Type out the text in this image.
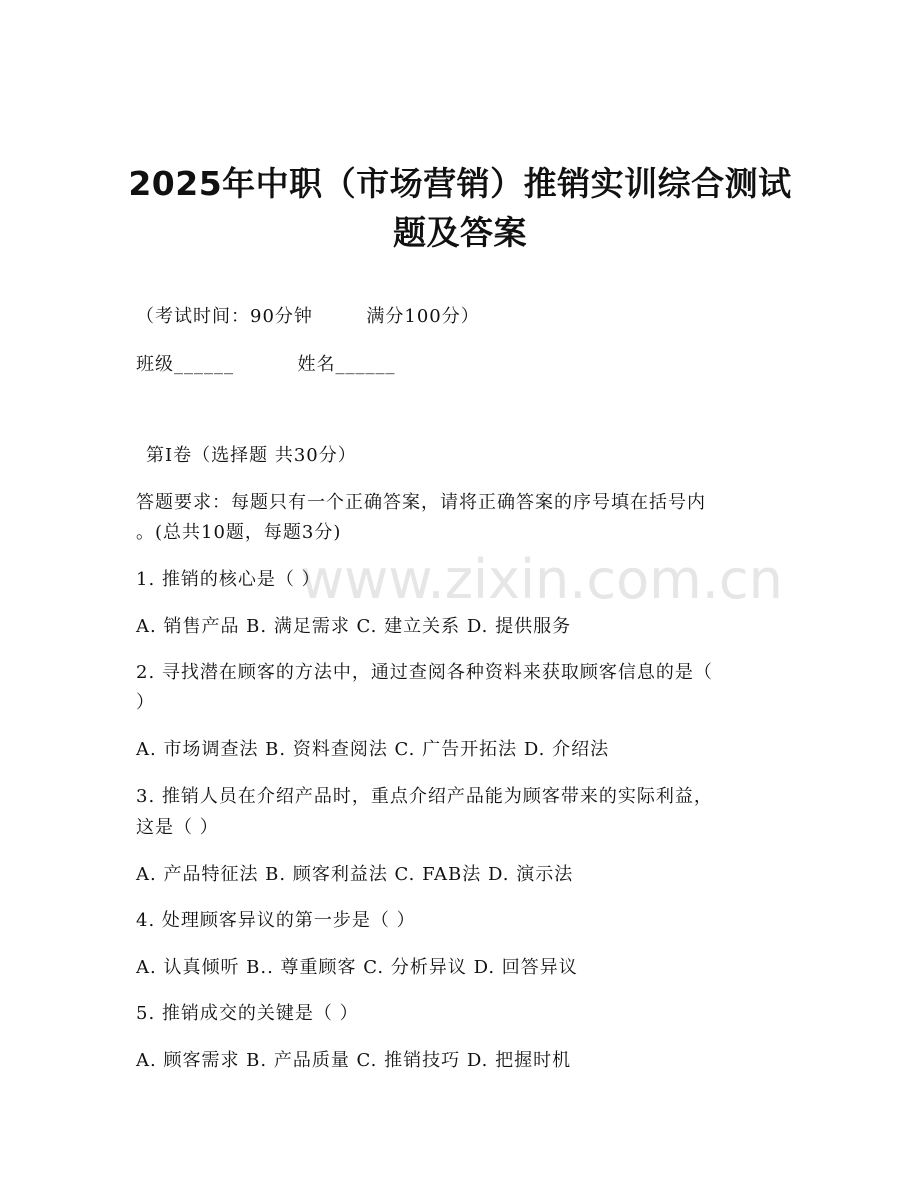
www.zixin.com.cn
2025年中职（市场营销）推销实训综合测试
题及答案
（考试时间：90分钟	满分100分）
班级______	姓名______
第Ⅰ卷（选择题 共30分）
答题要求：每题只有一个正确答案，请将正确答案的序号填在括号内
。(总共10题，每题3分)
1. 推销的核心是（ ）
A. 销售产品 B. 满足需求 C. 建立关系 D. 提供服务
2. 寻找潜在顾客的方法中，通过查阅各种资料来获取顾客信息的是（
）
A. 市场调查法 B. 资料查阅法 C. 广告开拓法 D. 介绍法
3. 推销人员在介绍产品时，重点介绍产品能为顾客带来的实际利益，
这是（ ）
A. 产品特征法 B. 顾客利益法 C. FAB法 D. 演示法
4. 处理顾客异议的第一步是（ ）
A. 认真倾听 B.. 尊重顾客 C. 分析异议 D. 回答异议
5. 推销成交的关键是（ ）
A. 顾客需求 B. 产品质量 C. 推销技巧 D. 把握时机
